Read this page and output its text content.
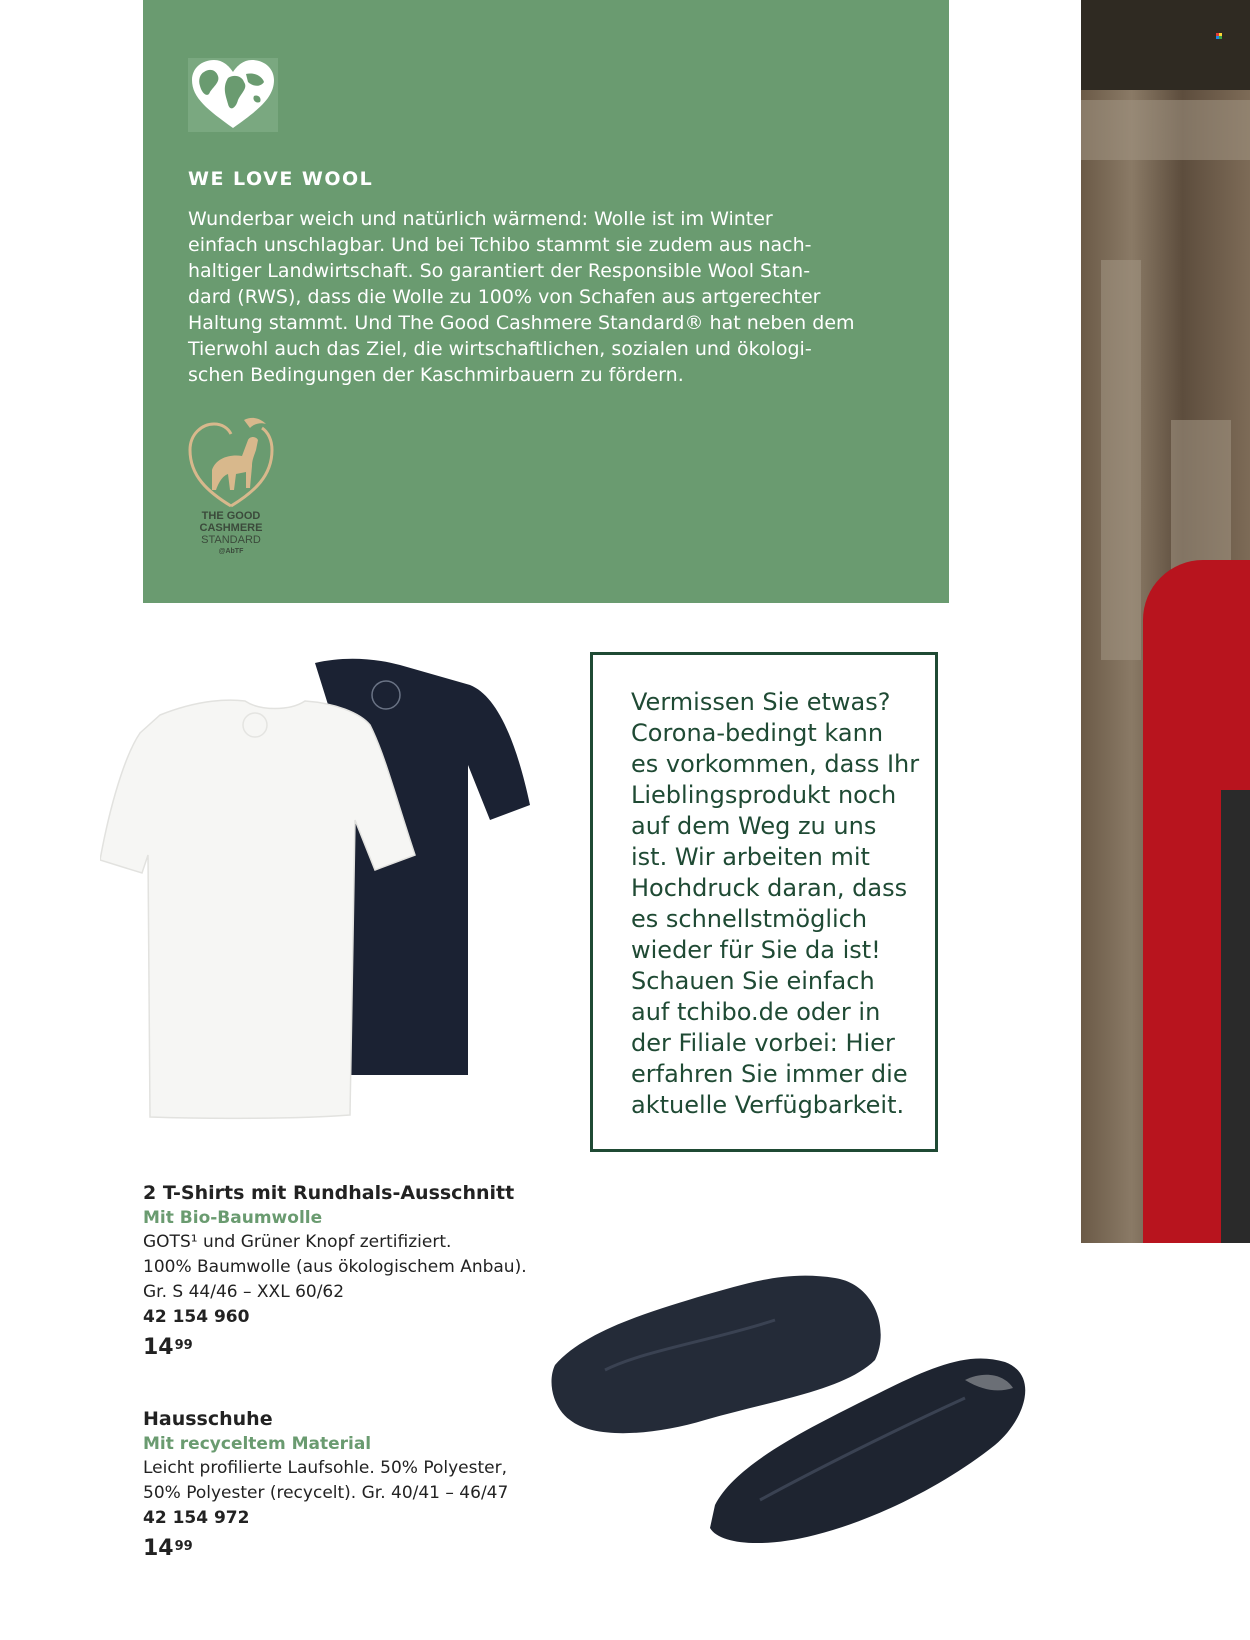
WE LOVE WOOL
Wunderbar weich und natürlich wärmend: Wolle ist im Winter
einfach unschlagbar. Und bei Tchibo stammt sie zudem aus nach-
haltiger Landwirtschaft. So garantiert der Responsible Wool Stan-
dard (RWS), dass die Wolle zu 100% von Schafen aus artgerechter
Haltung stammt. Und The Good Cashmere Standard® hat neben dem
Tierwohl auch das Ziel, die wirtschaftlichen, sozialen und ökologi-
schen Bedingungen der Kaschmirbauern zu fördern.
THE GOOD
CASHMERE
STANDARD
@AbTF
Vermissen Sie etwas?
Corona-bedingt kann
es vorkommen, dass Ihr
Lieblingsprodukt noch
auf dem Weg zu uns
ist. Wir arbeiten mit
Hochdruck daran, dass
es schnellstmöglich
wieder für Sie da ist!
Schauen Sie einfach
auf tchibo.de oder in
der Filiale vorbei: Hier
erfahren Sie immer die
aktuelle Verfügbarkeit.
2 T-Shirts mit Rundhals-Ausschnitt
Mit Bio-Baumwolle
GOTS¹ und Grüner Knopf zertifiziert.
100% Baumwolle (aus ökologischem Anbau).
Gr. S 44/46 – XXL 60/62
42 154 960
$14^{99}$
Hausschuhe
Mit recyceltem Material
Leicht profilierte Laufsohle. 50% Polyester,
50% Polyester (recycelt). Gr. 40/41 – 46/47
42 154 972
$14^{99}$
